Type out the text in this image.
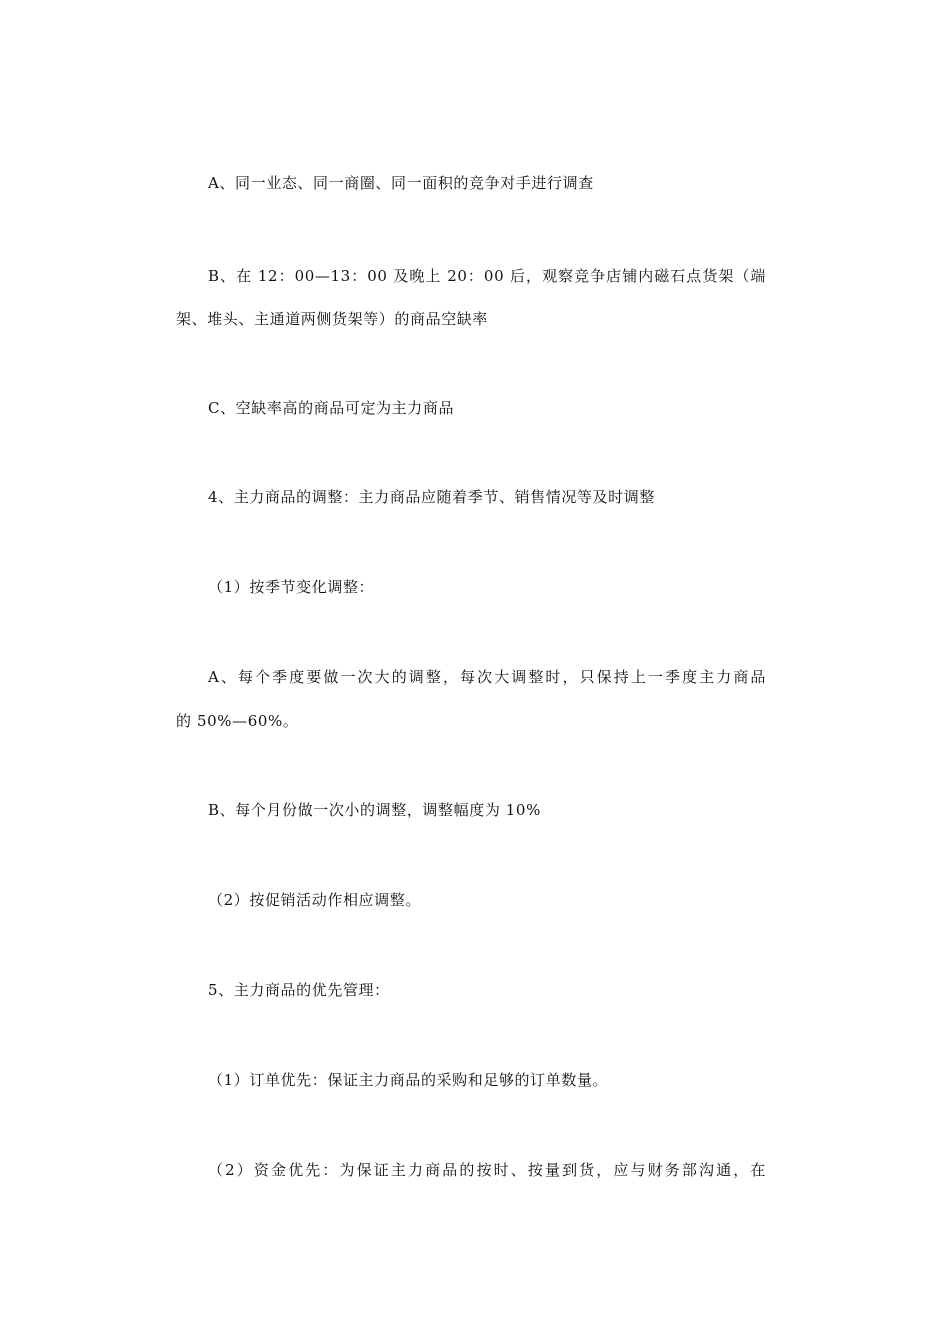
A、同一业态、同一商圈、同一面积的竞争对手进行调查
B、在 12：00—13：00 及晚上 20：00 后，观察竞争店铺内磁石点货架（端
架、堆头、主通道两侧货架等）的商品空缺率
C、空缺率高的商品可定为主力商品
4、主力商品的调整：主力商品应随着季节、销售情况等及时调整
（1）按季节变化调整：
A、每个季度要做一次大的调整，每次大调整时，只保持上一季度主力商品
的 50%—60%。
B、每个月份做一次小的调整，调整幅度为 10%
（2）按促销活动作相应调整。
5、主力商品的优先管理：
（1）订单优先：保证主力商品的采购和足够的订单数量。
（2）资金优先：为保证主力商品的按时、按量到货，应与财务部沟通，在
